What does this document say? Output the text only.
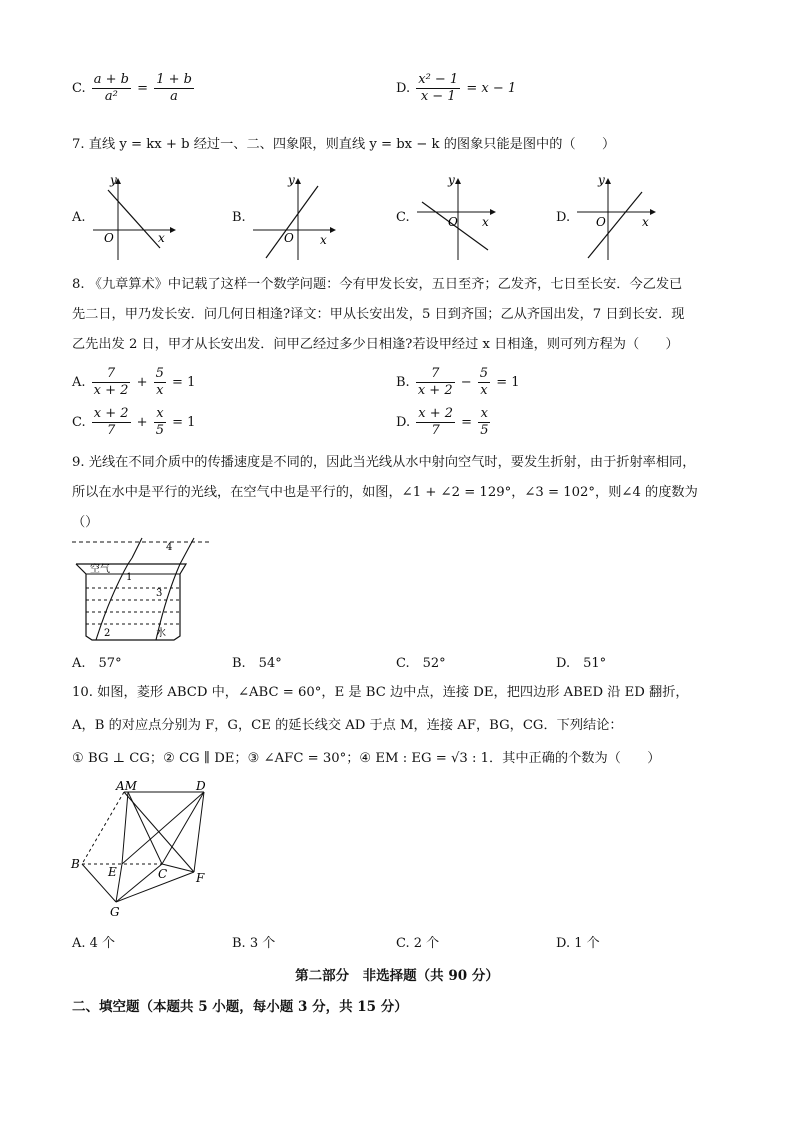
C. $\frac{a + b}{\text{a²}} = \frac{1 + b}{a}$	D. $\frac{\text{x² − 1}}{x - 1} = x - 1$
7. 直线 y = kx + b 经过一、二、四象限，则直线 y = bx − k 的图象只能是图中的（　　）
A.
y
x
O
B.
y
x
O
C.
y
x
O	D.
y
x
O
8. 《九章算术》中记载了这样一个数学问题：今有甲发长安，五日至齐；乙发齐，七日至长安．今乙发已
先二日，甲乃发长安．问几何日相逢?译文：甲从长安出发，5 日到齐国；乙从齐国出发，7 日到长安．现
乙先出发 2 日，甲才从长安出发．问甲乙经过多少日相逢?若设甲经过 x 日相逢，则可列方程为（　　）
A. $\frac{7}{x + 2} + \frac{5}{x} = 1$	B. $\frac{7}{x + 2} - \frac{5}{x} = 1$
C. $\frac{x + 2}{7} + \frac{x}{5} = 1$	D. $\frac{x + 2}{7} = \frac{x}{5}$
9. 光线在不同介质中的传播速度是不同的，因此当光线从水中射向空气时，要发生折射，由于折射率相同，
所以在水中是平行的光线，在空气中也是平行的，如图，∠1 + ∠2 = 129°，∠3 = 102°，则∠4 的度数为
（）
空气
水
1
2
3
4
A.　57°	B.　54°	C.　52°	D.　51°
10. 如图，菱形 ABCD 中，∠ABC = 60°，E 是 BC 边中点，连接 DE，把四边形 ABED 沿 ED 翻折，
A，B 的对应点分别为 F，G，CE 的延长线交 AD 于点 M，连接 AF，BG，CG．下列结论：
① BG ⊥ CG；② CG ∥ DE；③ ∠AFC = 30°；④ EM : EG = √3 : 1．其中正确的个数为（　　）
AM	D
B
E	C F
G
A. 4 个	B. 3 个	C. 2 个	D. 1 个
第二部分　非选择题（共 90 分）
二、填空题（本题共 5 小题，每小题 3 分，共 15 分）
